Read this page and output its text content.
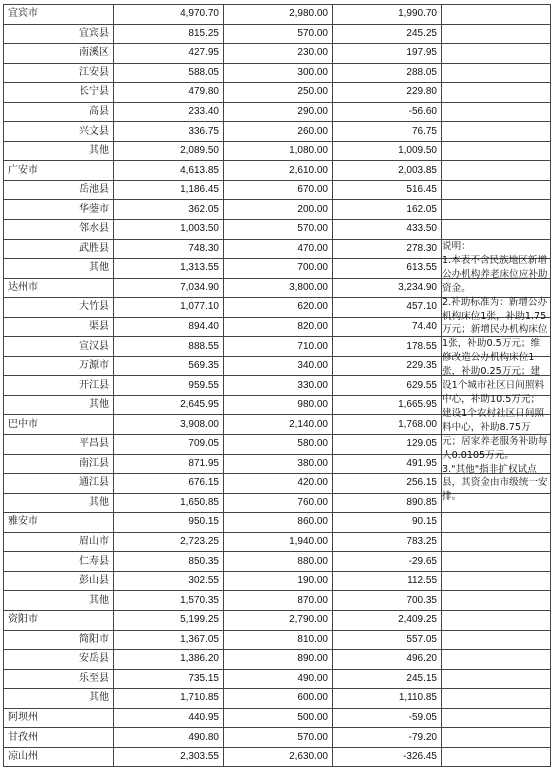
宜宾市	4,970.70	2,980.00	1,990.70	
宜宾县	815.25	570.00	245.25	
南溪区	427.95	230.00	197.95	
江安县	588.05	300.00	288.05	
长宁县	479.80	250.00	229.80	
高县	233.40	290.00	-56.60	
兴文县	336.75	260.00	76.75	
其他	2,089.50	1,080.00	1,009.50	
广安市	4,613.85	2,610.00	2,003.85	
岳池县	1,186.45	670.00	516.45	
华蓥市	362.05	200.00	162.05	
邻水县	1,003.50	570.00	433.50	
武胜县	748.30	470.00	278.30	
其他	1,313.55	700.00	613.55	
达州市	7,034.90	3,800.00	3,234.90	
大竹县	1,077.10	620.00	457.10	
渠县	894.40	820.00	74.40	
宣汉县	888.55	710.00	178.55	
万源市	569.35	340.00	229.35	
开江县	959.55	330.00	629.55	
其他	2,645.95	980.00	1,665.95	
巴中市	3,908.00	2,140.00	1,768.00	
平昌县	709.05	580.00	129.05	
南江县	871.95	380.00	491.95	
通江县	676.15	420.00	256.15	
其他	1,650.85	760.00	890.85	
雅安市	950.15	860.00	90.15	
眉山市	2,723.25	1,940.00	783.25	
仁寿县	850.35	880.00	-29.65	
彭山县	302.55	190.00	112.55	
其他	1,570.35	870.00	700.35	
资阳市	5,199.25	2,790.00	2,409.25	
简阳市	1,367.05	810.00	557.05	
安岳县	1,386.20	890.00	496.20	
乐至县	735.15	490.00	245.15	
其他	1,710.85	600.00	1,110.85	
阿坝州	440.95	500.00	-59.05	
甘孜州	490.80	570.00	-79.20	
凉山州	2,303.55	2,630.00	-326.45	

说明：

1.本表不含民族地区新增公办机构养老床位应补助资金。

2.补助标准为：新增公办机构床位1张，补助1.75万元；新增民办机构床位1张，补助0.5万元；维修改造公办机构床位1张，补助0.25万元；建设1个城市社区日间照料中心，补助10.5万元；建设1个农村社区日间照料中心，补助8.75万元；居家养老服务补助每人0.0105万元。

3."其他"指非扩权试点县，其资金由市级统一安排。
